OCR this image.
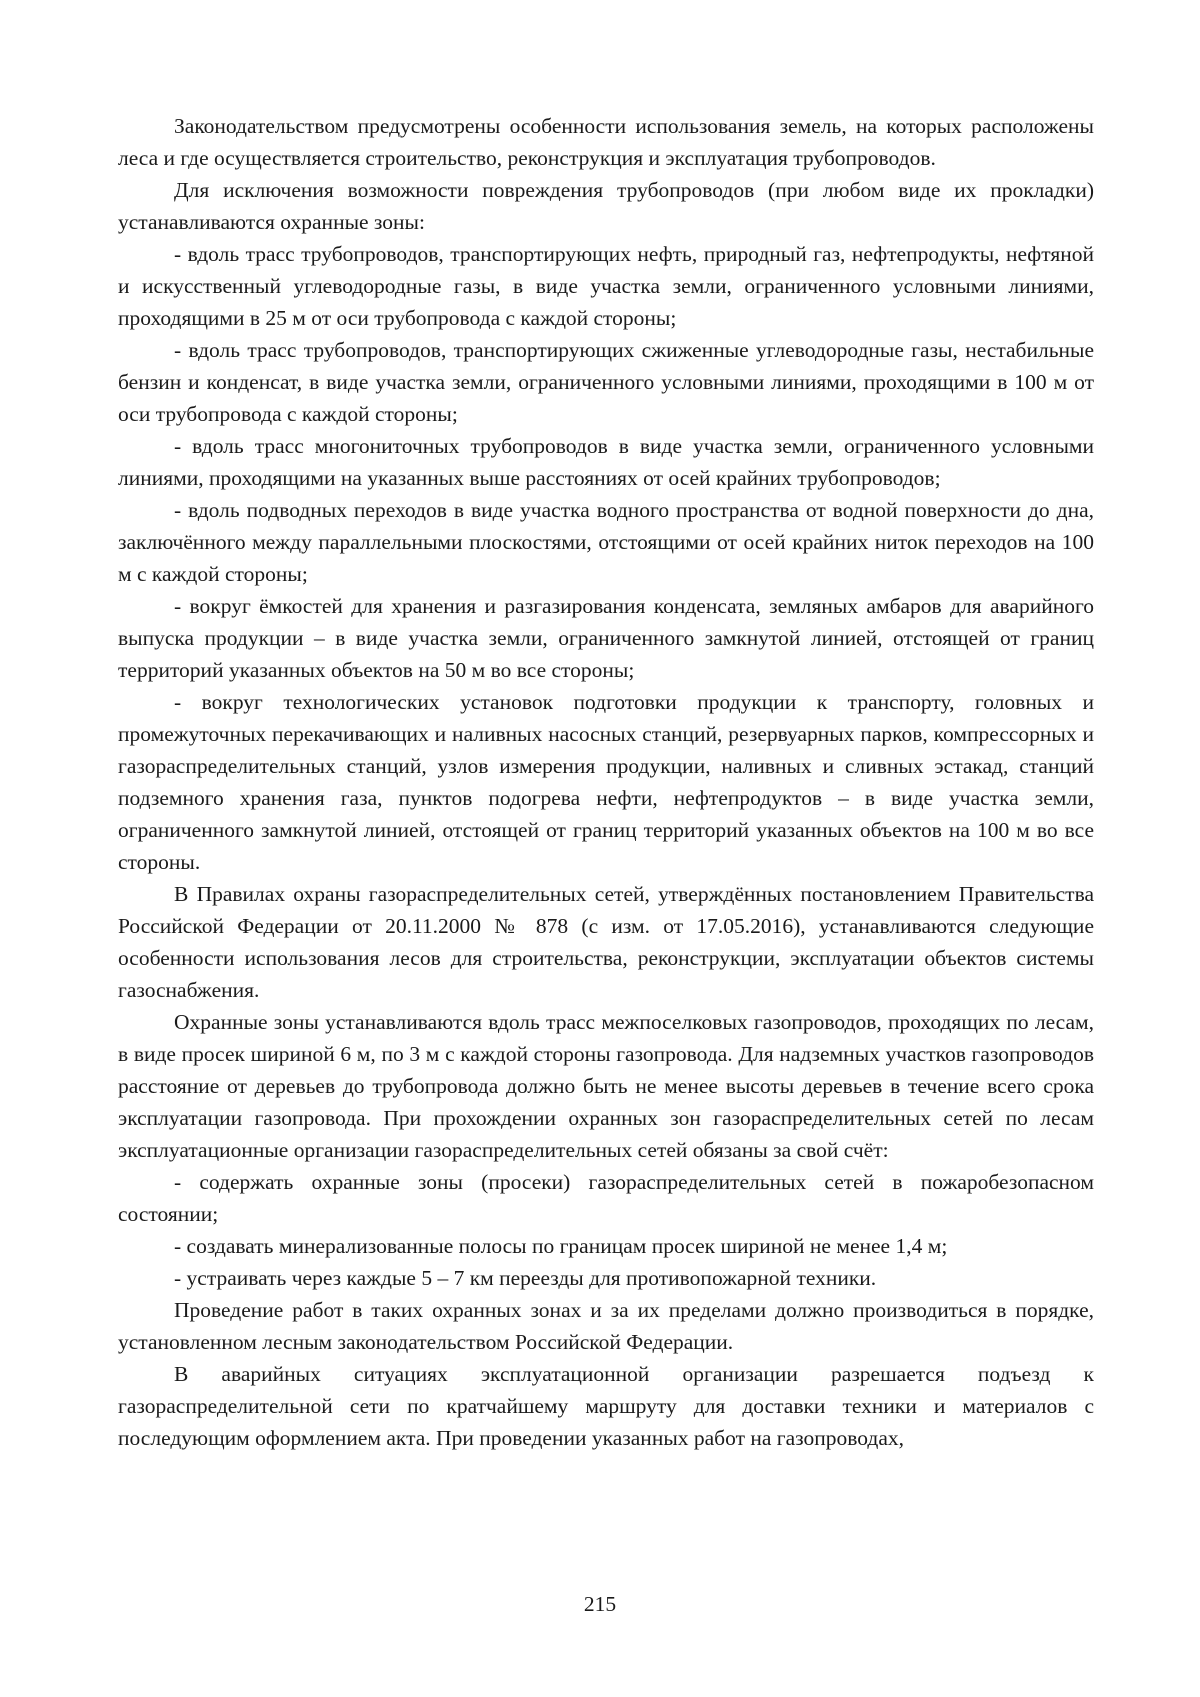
Законодательством предусмотрены особенности использования земель, на которых расположены леса и где осуществляется строительство, реконструкция и эксплуатация трубопроводов.

Для исключения возможности повреждения трубопроводов (при любом виде их прокладки) устанавливаются охранные зоны:

- вдоль трасс трубопроводов, транспортирующих нефть, природный газ, нефтепродукты, нефтяной и искусственный углеводородные газы, в виде участка земли, ограниченного условными линиями, проходящими в 25 м от оси трубопровода с каждой стороны;

- вдоль трасс трубопроводов, транспортирующих сжиженные углеводородные газы, нестабильные бензин и конденсат, в виде участка земли, ограниченного условными линиями, проходящими в 100 м от оси трубопровода с каждой стороны;

- вдоль трасс многониточных трубопроводов в виде участка земли, ограниченного условными линиями, проходящими на указанных выше расстояниях от осей крайних трубопроводов;

- вдоль подводных переходов в виде участка водного пространства от водной поверхности до дна, заключённого между параллельными плоскостями, отстоящими от осей крайних ниток переходов на 100 м с каждой стороны;

- вокруг ёмкостей для хранения и разгазирования конденсата, земляных амбаров для аварийного выпуска продукции – в виде участка земли, ограниченного замкнутой линией, отстоящей от границ территорий указанных объектов на 50 м во все стороны;

- вокруг технологических установок подготовки продукции к транспорту, головных и промежуточных перекачивающих и наливных насосных станций, резервуарных парков, компрессорных и газораспределительных станций, узлов измерения продукции, наливных и сливных эстакад, станций подземного хранения газа, пунктов подогрева нефти, нефтепродуктов – в виде участка земли, ограниченного замкнутой линией, отстоящей от границ территорий указанных объектов на 100 м во все стороны.

В Правилах охраны газораспределительных сетей, утверждённых постановлением Правительства Российской Федерации от 20.11.2000 № 878 (с изм. от 17.05.2016), устанавливаются следующие особенности использования лесов для строительства, реконструкции, эксплуатации объектов системы газоснабжения.

Охранные зоны устанавливаются вдоль трасс межпоселковых газопроводов, проходящих по лесам, в виде просек шириной 6 м, по 3 м с каждой стороны газопровода. Для надземных участков газопроводов расстояние от деревьев до трубопровода должно быть не менее высоты деревьев в течение всего срока эксплуатации газопровода. При прохождении охранных зон газораспределительных сетей по лесам эксплуатационные организации газораспределительных сетей обязаны за свой счёт:

- содержать охранные зоны (просеки) газораспределительных сетей в пожаробезопасном состоянии;

- создавать минерализованные полосы по границам просек шириной не менее 1,4 м;

- устраивать через каждые 5 – 7 км переезды для противопожарной техники.

Проведение работ в таких охранных зонах и за их пределами должно производиться в порядке, установленном лесным законодательством Российской Федерации.

В аварийных ситуациях эксплуатационной организации разрешается подъезд к газораспределительной сети по кратчайшему маршруту для доставки техники и материалов с последующим оформлением акта. При проведении указанных работ на газопроводах,

215
